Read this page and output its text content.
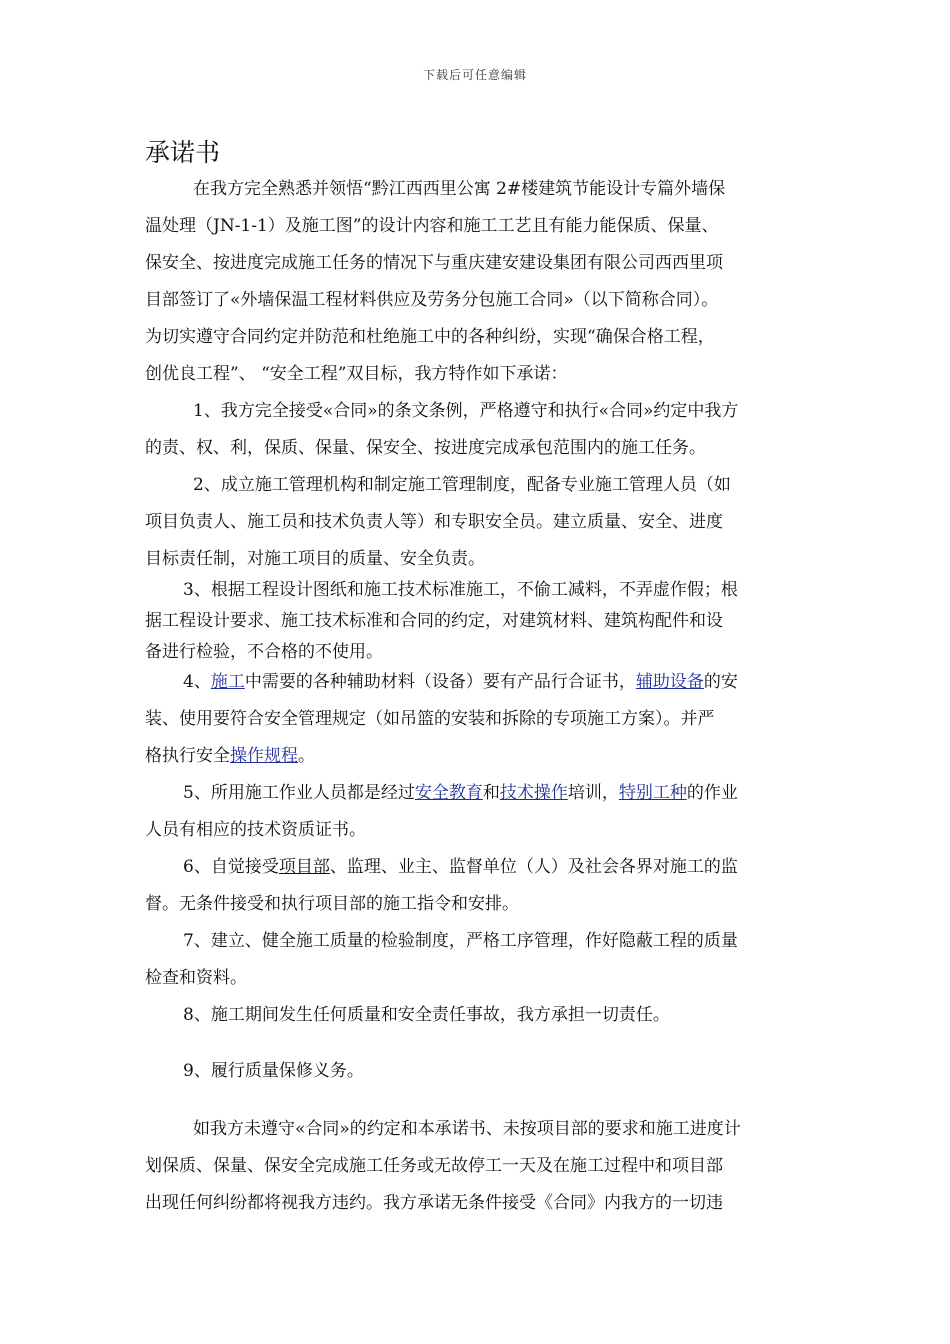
下载后可任意编辑
承诺书
在我方完全熟悉并领悟“黔江西西里公寓 2#楼建筑节能设计专篇外墙保
温处理（JN-1-1）及施工图”的设计内容和施工工艺且有能力能保质、保量、
保安全、按进度完成施工任务的情况下与重庆建安建设集团有限公司西西里项
目部签订了«外墙保温工程材料供应及劳务分包施工合同»（以下简称合同）。
为切实遵守合同约定并防范和杜绝施工中的各种纠纷，实现“确保合格工程，
创优良工程”、 “安全工程”双目标，我方特作如下承诺：
1、我方完全接受«合同»的条文条例，严格遵守和执行«合同»约定中我方
的责、权、利，保质、保量、保安全、按进度完成承包范围内的施工任务。
2、成立施工管理机构和制定施工管理制度，配备专业施工管理人员（如
项目负责人、施工员和技术负责人等）和专职安全员。建立质量、安全、进度
目标责任制，对施工项目的质量、安全负责。
3、根据工程设计图纸和施工技术标准施工，不偷工减料，不弄虚作假；根
据工程设计要求、施工技术标准和合同的约定，对建筑材料、建筑构配件和设
备进行检验，不合格的不使用。
4、施工中需要的各种辅助材料（设备）要有产品行合证书，辅助设备的安
装、使用要符合安全管理规定（如吊篮的安装和拆除的专项施工方案）。并严
格执行安全操作规程。
5、所用施工作业人员都是经过安全教育和技术操作培训，特别工种的作业
人员有相应的技术资质证书。
6、自觉接受项目部、监理、业主、监督单位（人）及社会各界对施工的监
督。无条件接受和执行项目部的施工指令和安排。
7、建立、健全施工质量的检验制度，严格工序管理，作好隐蔽工程的质量
检查和资料。
8、施工期间发生任何质量和安全责任事故，我方承担一切责任。
9、履行质量保修义务。
如我方未遵守«合同»的约定和本承诺书、未按项目部的要求和施工进度计
划保质、保量、保安全完成施工任务或无故停工一天及在施工过程中和项目部
出现任何纠纷都将视我方违约。我方承诺无条件接受《合同》内我方的一切违
